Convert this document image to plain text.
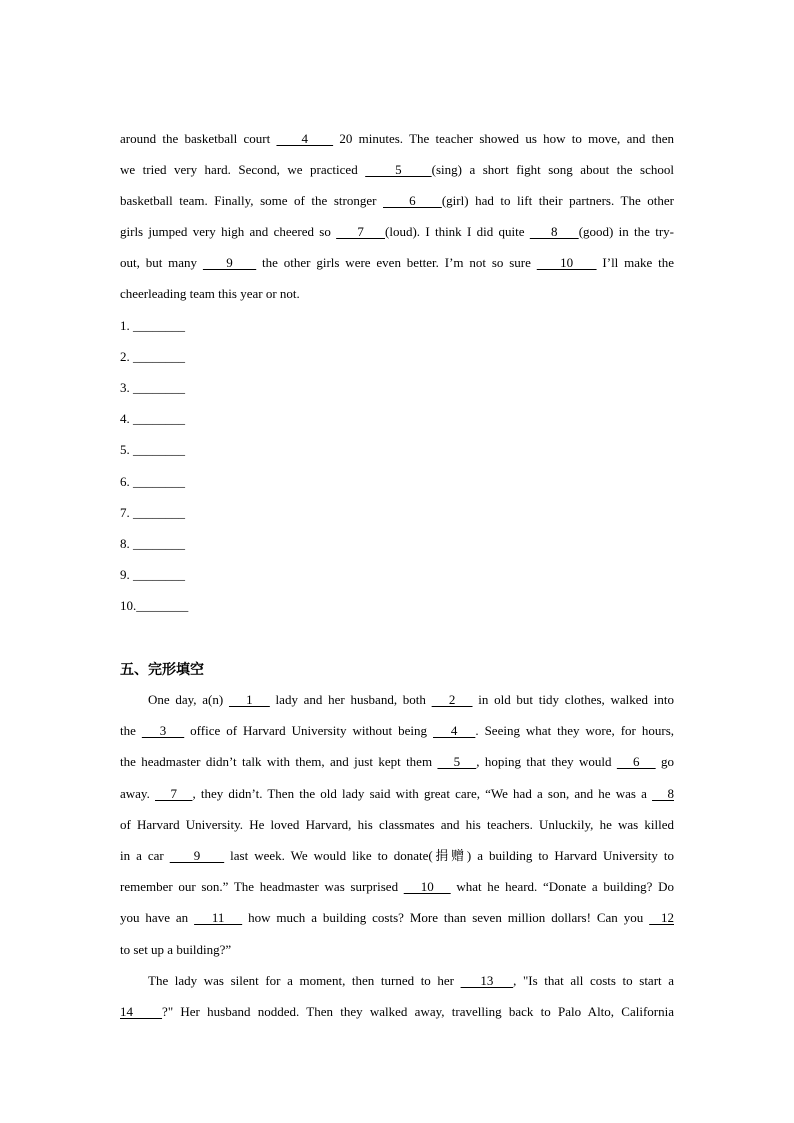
around the basketball court     4     20 minutes. The teacher showed us how to move, and then
we tried very hard. Second, we practiced     5    (sing) a short fight song about the school
basketball team. Finally, some of the stronger     6    (girl) had to lift their partners. The other
girls jumped very high and cheered so     7    (loud). I think I did quite     8    (good) in the try-
out, but many     9     the other girls were even better. I’m not so sure     10     I’ll make the
cheerleading team this year or not.
1. ________
2. ________
3. ________
4. ________
5. ________
6. ________
7. ________
8. ________
9. ________
10.________
五、完形填空
One day, a(n)    1    lady and her husband, both    2    in old but tidy clothes, walked into
the    3    office of Harvard University without being    4   . Seeing what they wore, for hours,
the headmaster didn’t talk with them, and just kept them    5   , hoping that they would    6    go
away.    7   , they didn’t. Then the old lady said with great care, “We had a son, and he was a    8
of Harvard University. He loved Harvard, his classmates and his teachers. Unluckily, he was killed
in a car     9     last week. We would like to donate(捐赠) a building to Harvard University to
remember our son.” The headmaster was surprised    10    what he heard. “Donate a building? Do
you have an    11    how much a building costs? More than seven million dollars! Can you   12
to set up a building?”
The lady was silent for a moment, then turned to her    13   , "Is that all costs to start a
14 ?" Her husband nodded. Then they walked away, travelling back to Palo Alto, California
